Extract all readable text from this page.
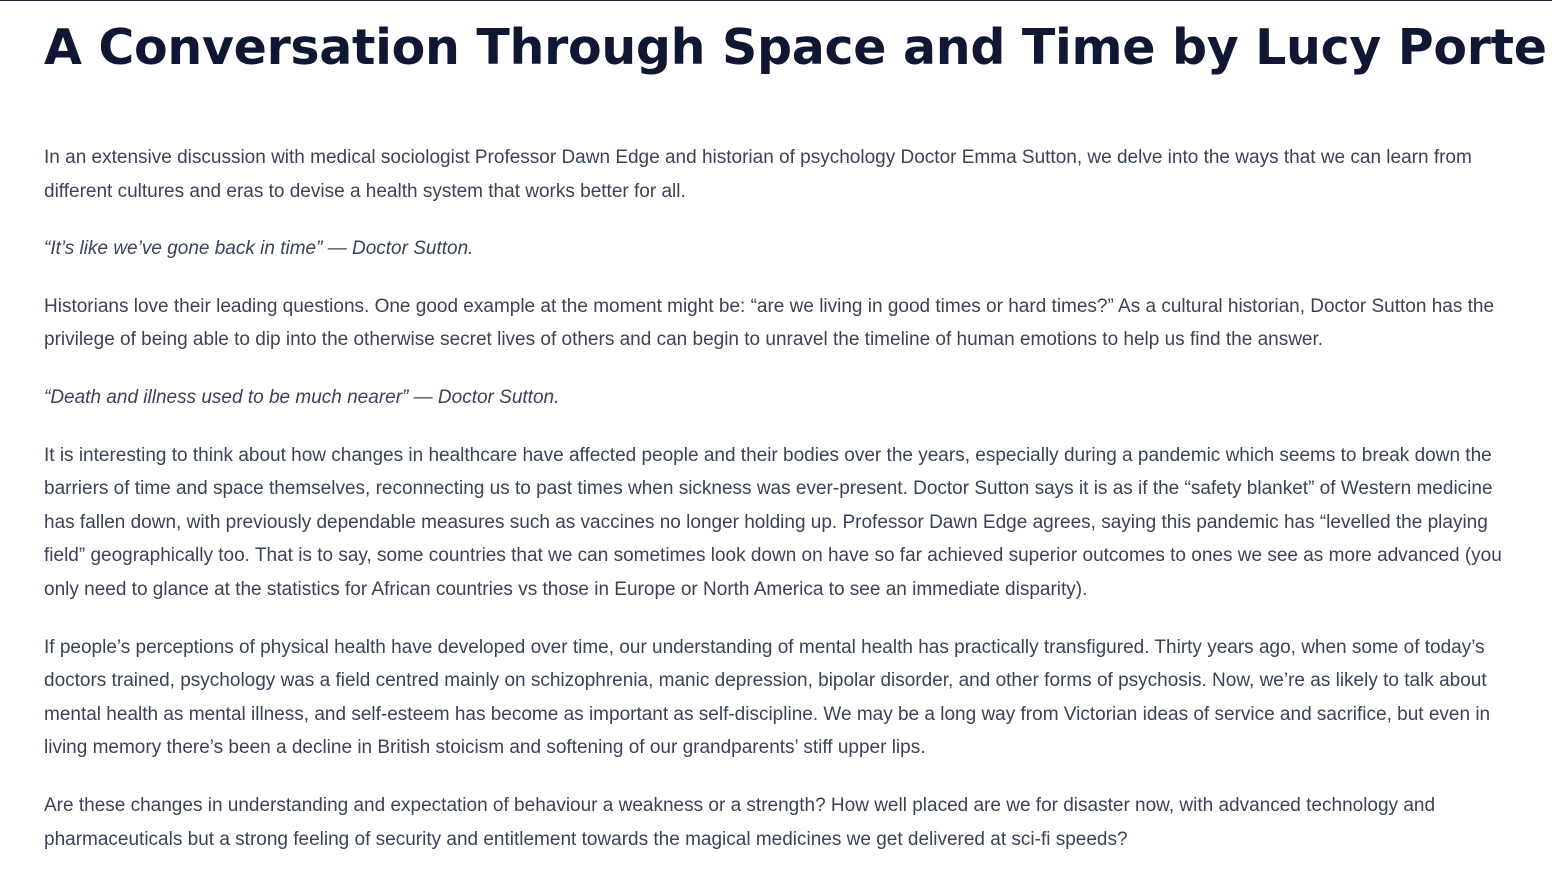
A Conversation Through Space and Time by Lucy Porte

In an extensive discussion with medical sociologist Professor Dawn Edge and historian of psychology Doctor Emma Sutton, we delve into the ways that we can learn from different cultures and eras to devise a health system that works better for all.

“It’s like we’ve gone back in time” — Doctor Sutton.

Historians love their leading questions. One good example at the moment might be: “are we living in good times or hard times?” As a cultural historian, Doctor Sutton has the privilege of being able to dip into the otherwise secret lives of others and can begin to unravel the timeline of human emotions to help us find the answer.

“Death and illness used to be much nearer” — Doctor Sutton.

It is interesting to think about how changes in healthcare have affected people and their bodies over the years, especially during a pandemic which seems to break down the barriers of time and space themselves, reconnecting us to past times when sickness was ever-present. Doctor Sutton says it is as if the “safety blanket” of Western medicine has fallen down, with previously dependable measures such as vaccines no longer holding up. Professor Dawn Edge agrees, saying this pandemic has “levelled the playing field” geographically too. That is to say, some countries that we can sometimes look down on have so far achieved superior outcomes to ones we see as more advanced (you only need to glance at the statistics for African countries vs those in Europe or North America to see an immediate disparity).

If people’s perceptions of physical health have developed over time, our understanding of mental health has practically transfigured. Thirty years ago, when some of today’s doctors trained, psychology was a field centred mainly on schizophrenia, manic depression, bipolar disorder, and other forms of psychosis. Now, we’re as likely to talk about mental health as mental illness, and self-esteem has become as important as self-discipline. We may be a long way from Victorian ideas of service and sacrifice, but even in living memory there’s been a decline in British stoicism and softening of our grandparents’ stiff upper lips.

Are these changes in understanding and expectation of behaviour a weakness or a strength? How well placed are we for disaster now, with advanced technology and pharmaceuticals but a strong feeling of security and entitlement towards the magical medicines we get delivered at sci-fi speeds?
